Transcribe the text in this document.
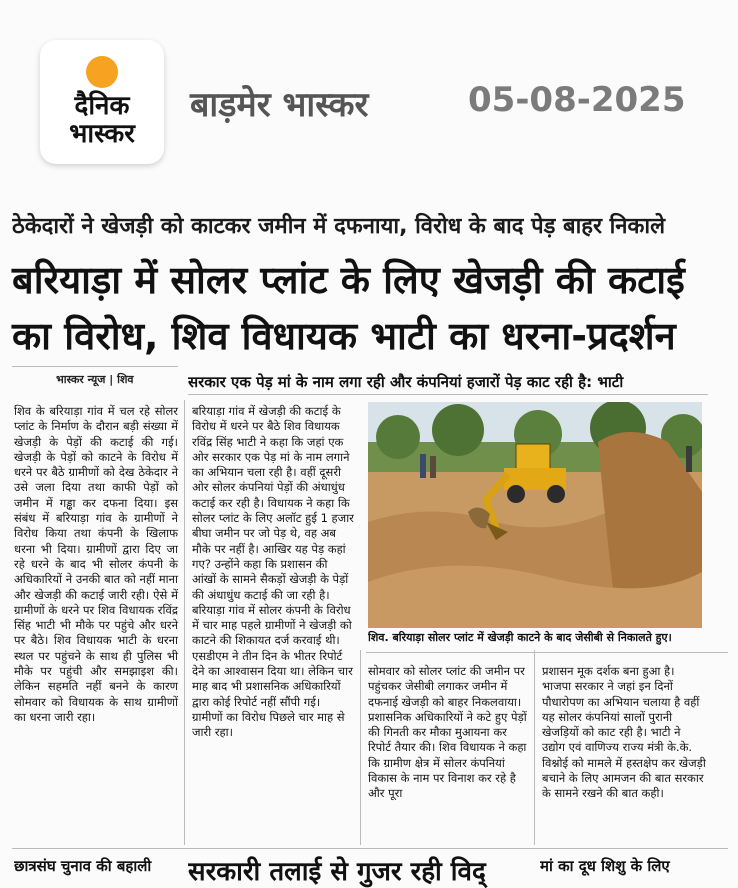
दैनिक
भास्कर
बाड़मेर भास्कर	05-08-2025
ठेकेदारों ने खेजड़ी को काटकर जमीन में दफनाया, विरोध के बाद पेड़ बाहर निकाले
बरियाड़ा में सोलर प्लांट के लिए खेजड़ी की कटाई
का विरोध, शिव विधायक भाटी का धरना-प्रदर्शन
भास्कर न्यूज | शिव	सरकार एक पेड़ मां के नाम लगा रही और कंपनियां हजारों पेड़ काट रही है: भाटी
शिव के बरियाड़ा गांव में चल रहे सोलर प्लांट के निर्माण के दौरान बड़ी संख्या में खेजड़ी के पेड़ों की कटाई की गई। खेजड़ी के पेड़ों को काटने के विरोध में धरने पर बैठे ग्रामीणों को देख ठेकेदार ने उसे जला दिया तथा काफी पेड़ों को जमीन में गड्ढा कर दफना दिया। इस संबंध में बरियाड़ा गांव के ग्रामीणों ने विरोध किया तथा कंपनी के खिलाफ धरना भी दिया। ग्रामीणों द्वारा दिए जा रहे धरने के बाद भी सोलर कंपनी के अधिकारियों ने उनकी बात को नहीं माना और खेजड़ी की कटाई जारी रही। ऐसे में ग्रामीणों के धरने पर शिव विधायक रविंद्र सिंह भाटी भी मौके पर पहुंचे और धरने पर बैठे। शिव विधायक भाटी के धरना स्थल पर पहुंचने के साथ ही पुलिस भी मौके पर पहुंची और समझाइश की। लेकिन सहमति नहीं बनने के कारण सोमवार को विधायक के साथ ग्रामीणों का धरना जारी रहा।
बरियाड़ा गांव में खेजड़ी की कटाई के विरोध में धरने पर बैठे शिव विधायक रविंद्र सिंह भाटी ने कहा कि जहां एक ओर सरकार एक पेड़ मां के नाम लगाने का अभियान चला रही है। वहीं दूसरी ओर सोलर कंपनियां पेड़ों की अंधाधुंध कटाई कर रही है। विधायक ने कहा कि सोलर प्लांट के लिए अलॉट हुई 1 हजार बीघा जमीन पर जो पेड़ थे, वह अब मौके पर नहीं है। आखिर यह पेड़ कहां गए? उन्होंने कहा कि प्रशासन की आंखों के सामने सैकड़ों खेजड़ी के पेड़ों की अंधाधुंध कटाई की जा रही है। बरियाड़ा गांव में सोलर कंपनी के विरोध में चार माह पहले ग्रामीणों ने खेजड़ी को काटने की शिकायत दर्ज करवाई थी। एसडीएम ने तीन दिन के भीतर रिपोर्ट देने का आश्वासन दिया था। लेकिन चार माह बाद भी प्रशासनिक अधिकारियों द्वारा कोई रिपोर्ट नहीं सौंपी गई। ग्रामीणों का विरोध पिछले चार माह से जारी रहा।
शिव. बरियाड़ा सोलर प्लांट में खेजड़ी काटने के बाद जेसीबी से निकालते हुए।
सोमवार को सोलर प्लांट की जमीन पर पहुंचकर जेसीबी लगाकर जमीन में दफनाई खेजड़ी को बाहर निकलवाया। प्रशासनिक अधिकारियों ने कटे हुए पेड़ों की गिनती कर मौका मुआयना कर रिपोर्ट तैयार की। शिव विधायक ने कहा कि ग्रामीण क्षेत्र में सोलर कंपनियां विकास के नाम पर विनाश कर रहे है और पूरा
प्रशासन मूक दर्शक बना हुआ है। भाजपा सरकार ने जहां इन दिनों पौधारोपण का अभियान चलाया है वहीं यह सोलर कंपनियां सालों पुरानी खेजड़ियों को काट रही है। भाटी ने उद्योग एवं वाणिज्य राज्य मंत्री के.के. विश्नोई को मामले में हस्तक्षेप कर खेजड़ी बचाने के लिए आमजन की बात सरकार के सामने रखने की बात कही।
छात्रसंघ चुनाव की बहाली	सरकारी तलाई से गुजर रही विद्	मां का दूध शिशु के लिए
